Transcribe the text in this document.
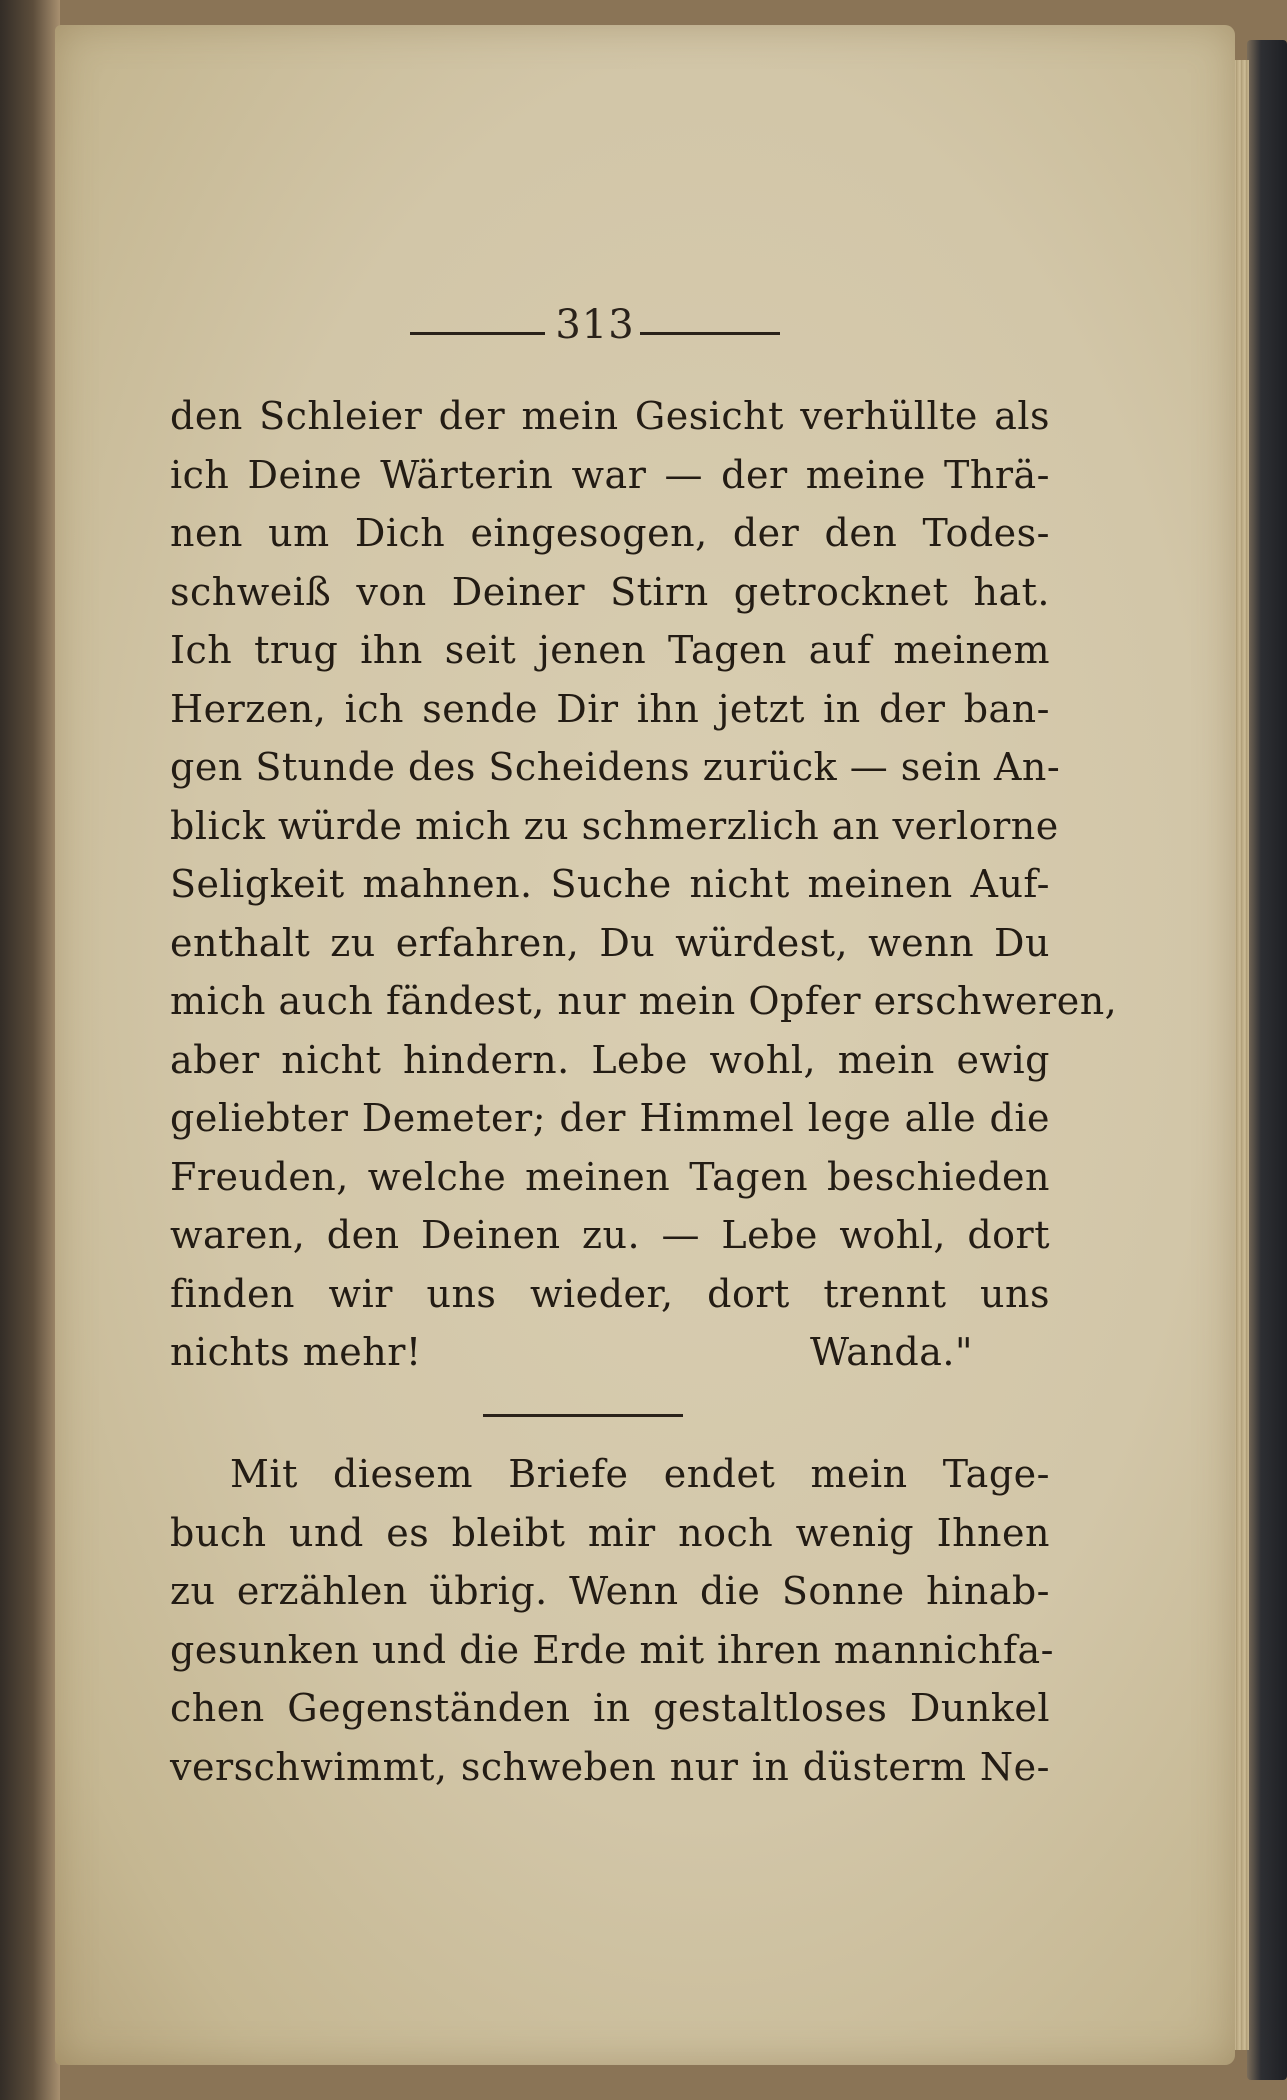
313
den Schleier der mein Gesicht verhüllte als
ich Deine Wärterin war — der meine Thrä-
nen um Dich eingesogen, der den Todes-
schweiß von Deiner Stirn getrocknet hat.
Ich trug ihn seit jenen Tagen auf meinem
Herzen, ich sende Dir ihn jetzt in der ban-
gen Stunde des Scheidens zurück — sein An-
blick würde mich zu schmerzlich an verlorne
Seligkeit mahnen. Suche nicht meinen Auf-
enthalt zu erfahren, Du würdest, wenn Du
mich auch fändest, nur mein Opfer erschweren,
aber nicht hindern. Lebe wohl, mein ewig
geliebter Demeter; der Himmel lege alle die
Freuden, welche meinen Tagen beschieden
waren, den Deinen zu. — Lebe wohl, dort
finden wir uns wieder, dort trennt uns
nichts mehr!	Wanda."
Mit diesem Briefe endet mein Tage-
buch und es bleibt mir noch wenig Ihnen
zu erzählen übrig. Wenn die Sonne hinab-
gesunken und die Erde mit ihren mannichfa-
chen Gegenständen in gestaltloses Dunkel
verschwimmt, schweben nur in düsterm Ne-
